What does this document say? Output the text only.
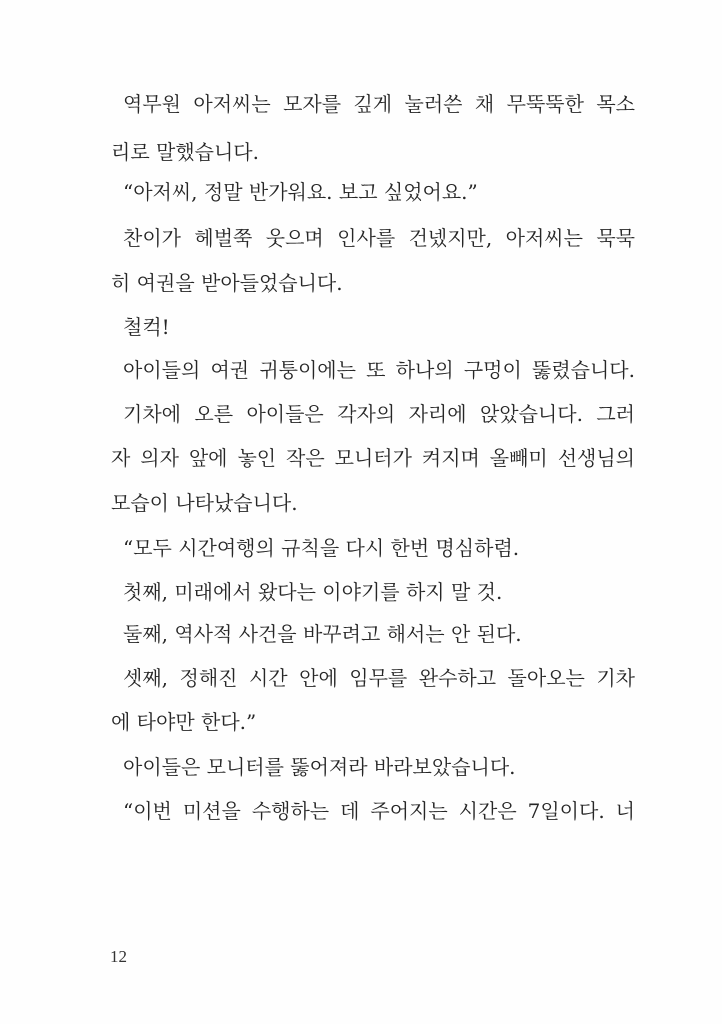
역무원 아저씨는 모자를 깊게 눌러쓴 채 무뚝뚝한 목소
리로 말했습니다.
“아저씨, 정말 반가워요. 보고 싶었어요.”
찬이가 헤벌쭉 웃으며 인사를 건넸지만, 아저씨는 묵묵
히 여권을 받아들었습니다.
철컥!
아이들의 여권 귀퉁이에는 또 하나의 구멍이 뚫렸습니다.
기차에 오른 아이들은 각자의 자리에 앉았습니다. 그러
자 의자 앞에 놓인 작은 모니터가 켜지며 올빼미 선생님의
모습이 나타났습니다.
“모두 시간여행의 규칙을 다시 한번 명심하렴.
첫째, 미래에서 왔다는 이야기를 하지 말 것.
둘째, 역사적 사건을 바꾸려고 해서는 안 된다.
셋째, 정해진 시간 안에 임무를 완수하고 돌아오는 기차
에 타야만 한다.”
아이들은 모니터를 뚫어져라 바라보았습니다.
“이번 미션을 수행하는 데 주어지는 시간은 7일이다. 너
12
